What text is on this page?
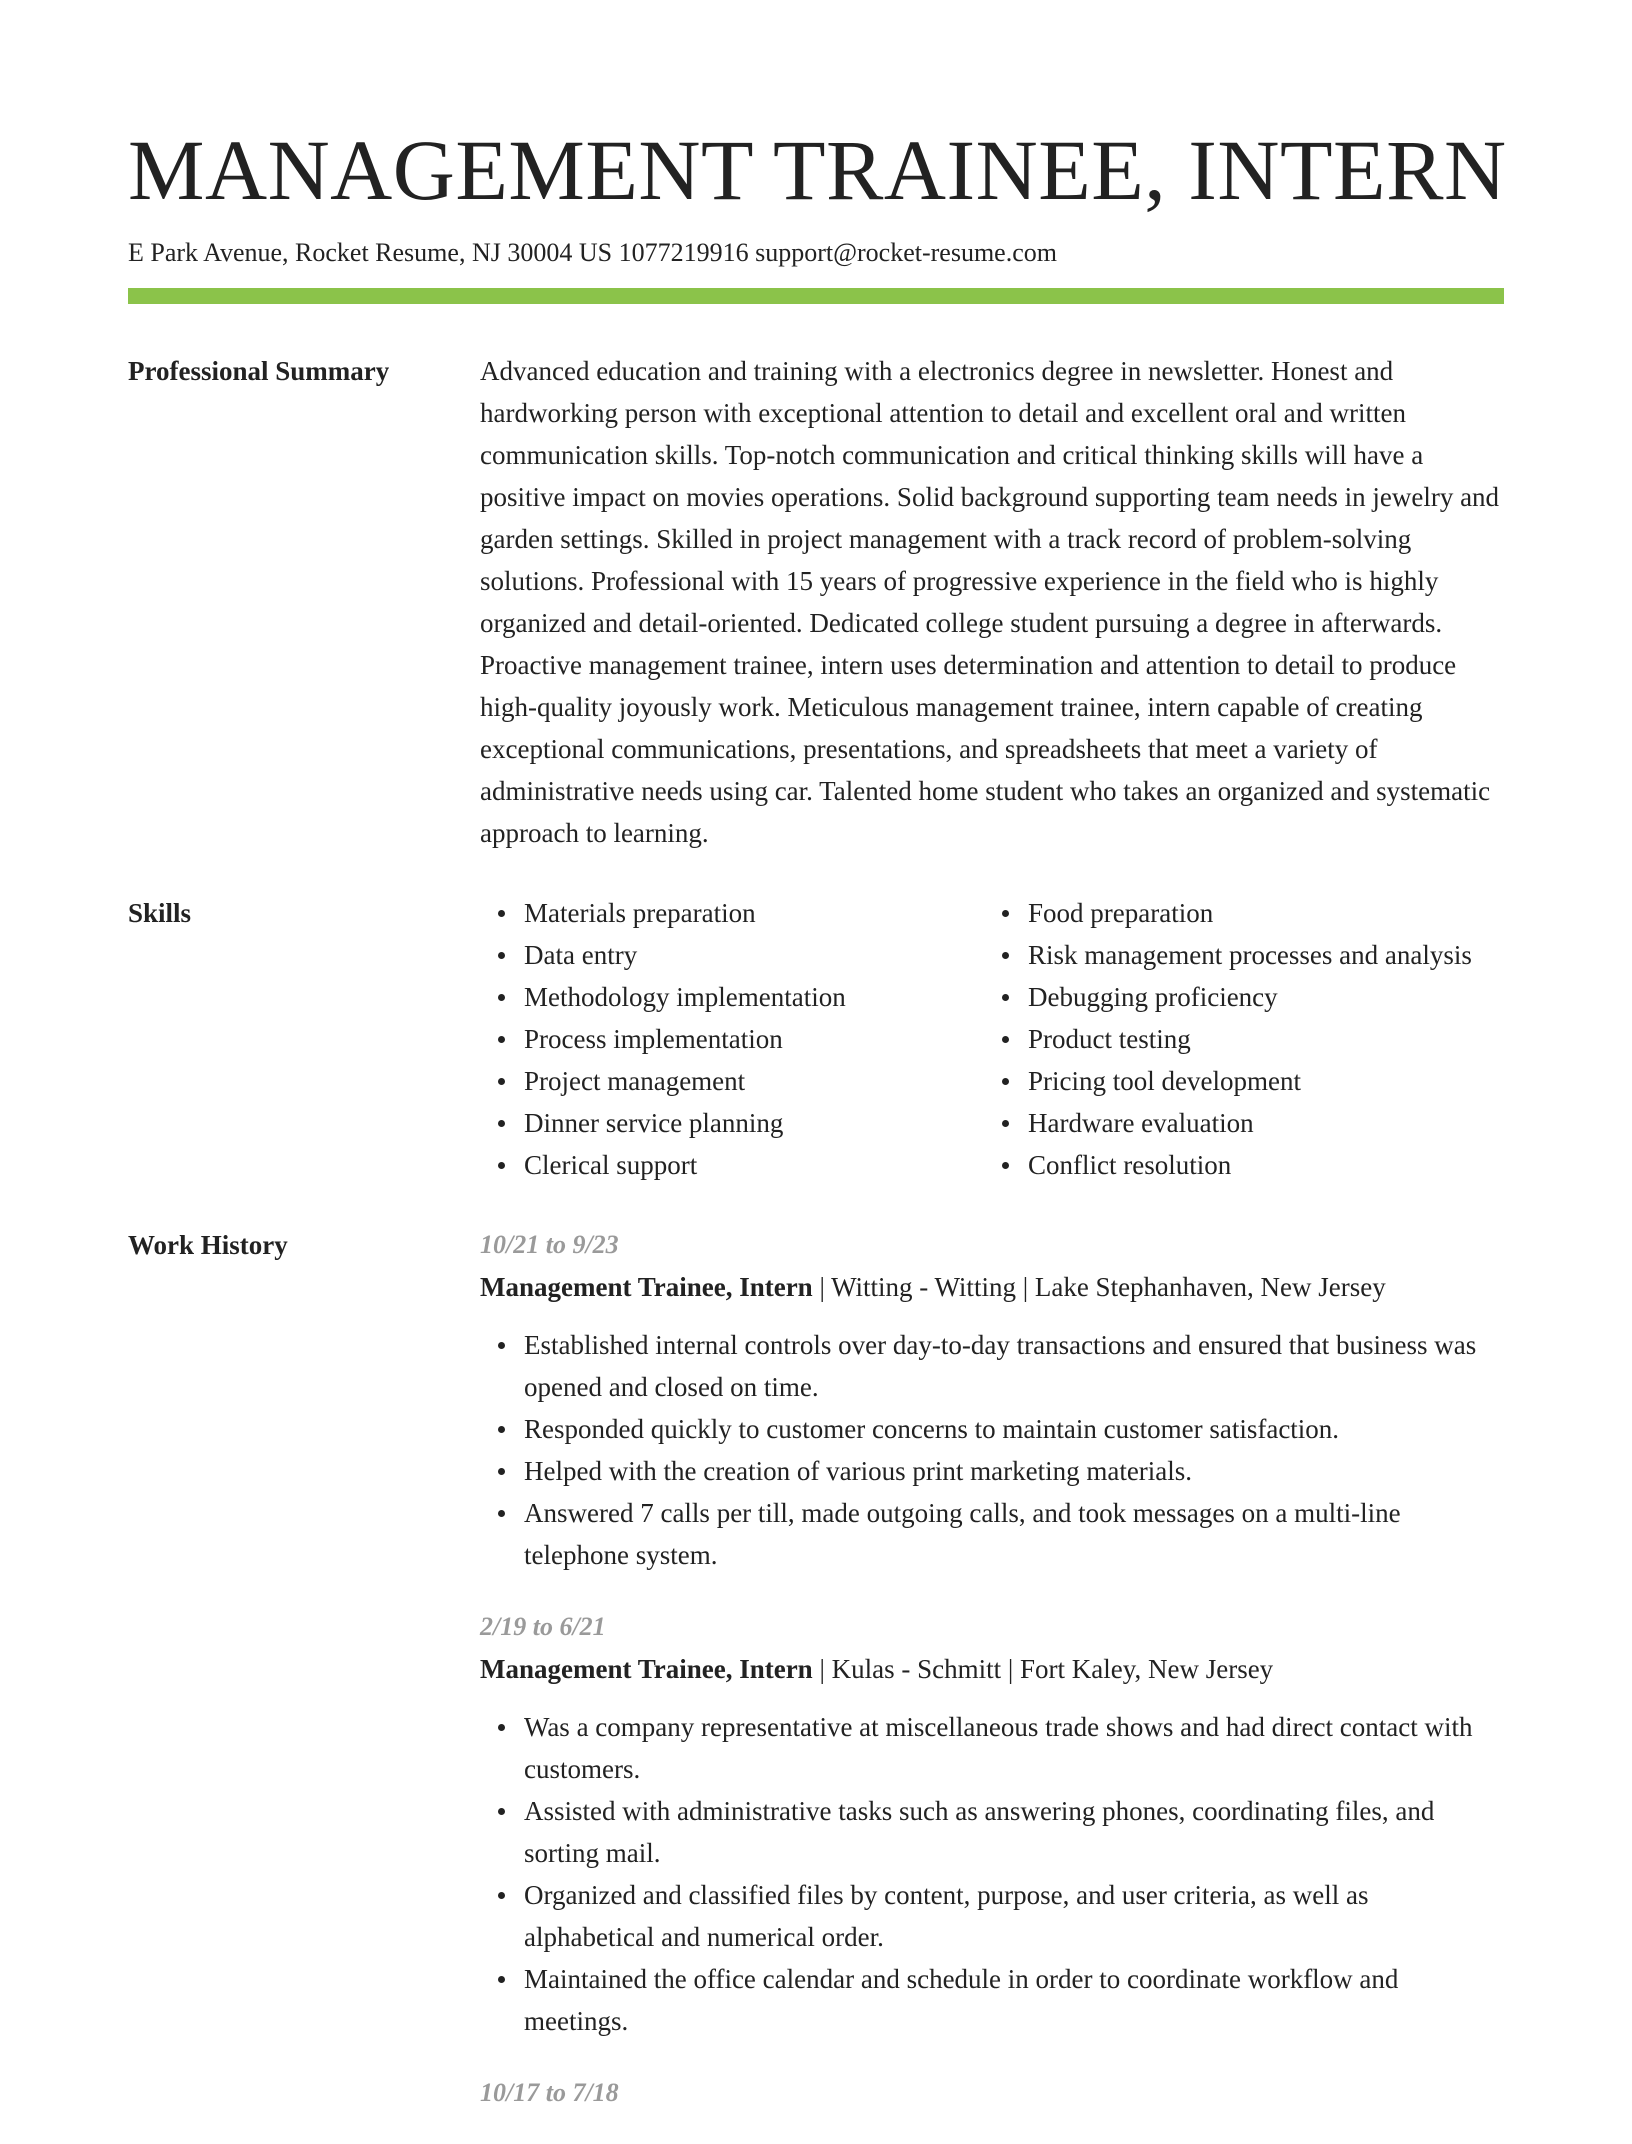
MANAGEMENT TRAINEE, INTERN
E Park Avenue, Rocket Resume, NJ 30004 US 1077219916 support@rocket-resume.com
Professional Summary	Advanced education and training with a electronics degree in newsletter. Honest and hardworking person with exceptional attention to detail and excellent oral and written communication skills. Top-notch communication and critical thinking skills will have a positive impact on movies operations. Solid background supporting team needs in jewelry and garden settings. Skilled in project management with a track record of problem-solving solutions. Professional with 15 years of progressive experience in the field who is highly organized and detail-oriented. Dedicated college student pursuing a degree in afterwards. Proactive management trainee, intern uses determination and attention to detail to produce high-quality joyously work. Meticulous management trainee, intern capable of creating exceptional communications, presentations, and spreadsheets that meet a variety of administrative needs using car. Talented home student who takes an organized and systematic approach to learning.

Skills	Materials preparation
Data entry
Methodology implementation
Process implementation
Project management
Dinner service planning
Clerical support
Food preparation
Risk management processes and analysis
Debugging proficiency
Product testing
Pricing tool development
Hardware evaluation
Conflict resolution
Work History	10/21 to 9/23
Management Trainee, Intern | Witting - Witting | Lake Stephanhaven, New Jersey
Established internal controls over day-to-day transactions and ensured that business was opened and closed on time.
Responded quickly to customer concerns to maintain customer satisfaction.
Helped with the creation of various print marketing materials.
Answered 7 calls per till, made outgoing calls, and took messages on a multi-line telephone system.
2/19 to 6/21
Management Trainee, Intern | Kulas - Schmitt | Fort Kaley, New Jersey
Was a company representative at miscellaneous trade shows and had direct contact with customers.
Assisted with administrative tasks such as answering phones, coordinating files, and sorting mail.
Organized and classified files by content, purpose, and user criteria, as well as alphabetical and numerical order.
Maintained the office calendar and schedule in order to coordinate workflow and meetings.
10/17 to 7/18
